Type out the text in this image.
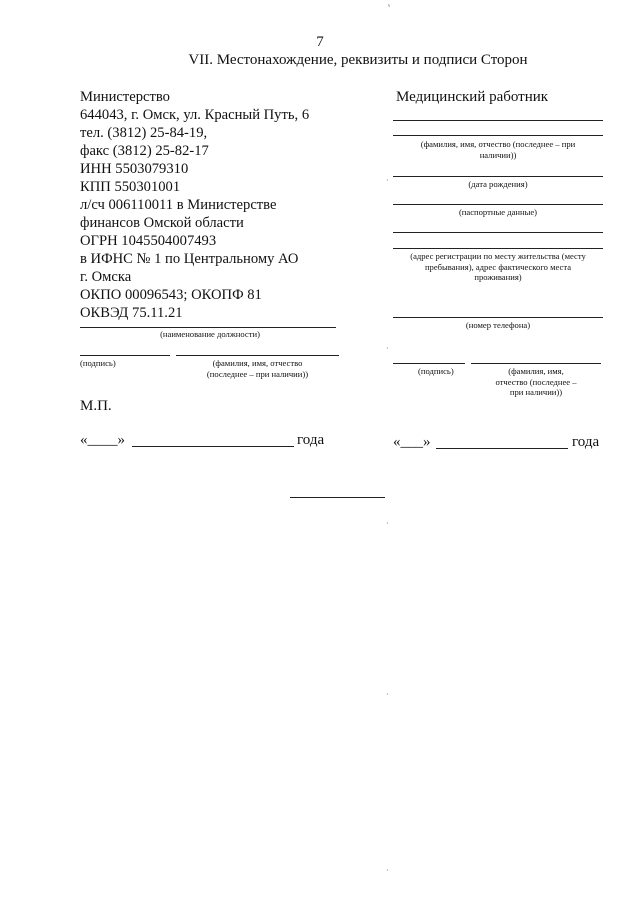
7
VII. Местонахождение, реквизиты и подписи Сторон
Министерство
644043, г. Омск, ул. Красный Путь, 6
тел. (3812) 25-84-19,
факс (3812) 25-82-17
ИНН 5503079310
КПП 550301001
л/сч 006110011 в Министерстве
финансов Омской области
ОГРН 1045504007493
в ИФНС № 1 по Центральному АО
г. Омска
ОКПО 00096543; ОКОПФ 81
ОКВЭД 75.11.21
(наименование должности)
(подпись)	(фамилия, имя, отчество
(последнее – при наличии))
М.П.
«____»	года
Медицинский работник
(фамилия, имя, отчество (последнее – при
наличии))
(дата рождения)
(паспортные данные)
(адрес регистрации по месту жительства (месту
пребывания), адрес фактического места
проживания)
(номер телефона)
(подпись)	(фамилия, имя,
отчество (последнее –
при наличии))
«___»	года
ᵛ
·
·
·
·
·
